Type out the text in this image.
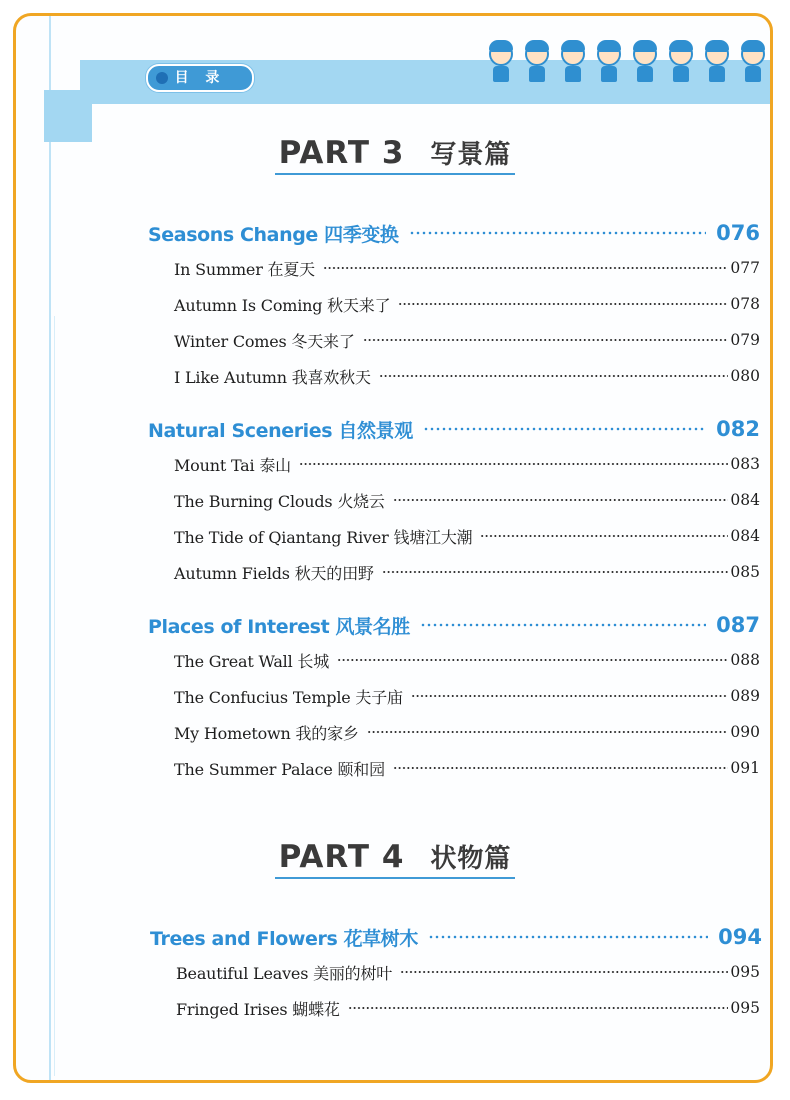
目 录
PART 3 写景篇
Seasons Change 四季变换	076
In Summer 在夏天	077
Autumn Is Coming 秋天来了	078
Winter Comes 冬天来了	079
I Like Autumn 我喜欢秋天	080
Natural Sceneries 自然景观	082
Mount Tai 泰山	083
The Burning Clouds 火烧云	084
The Tide of Qiantang River 钱塘江大潮	084
Autumn Fields 秋天的田野	085
Places of Interest 风景名胜	087
The Great Wall 长城	088
The Confucius Temple 夫子庙	089
My Hometown 我的家乡	090
The Summer Palace 颐和园	091
PART 4 状物篇
Trees and Flowers 花草树木	094
Beautiful Leaves 美丽的树叶	095
Fringed Irises 蝴蝶花	095
